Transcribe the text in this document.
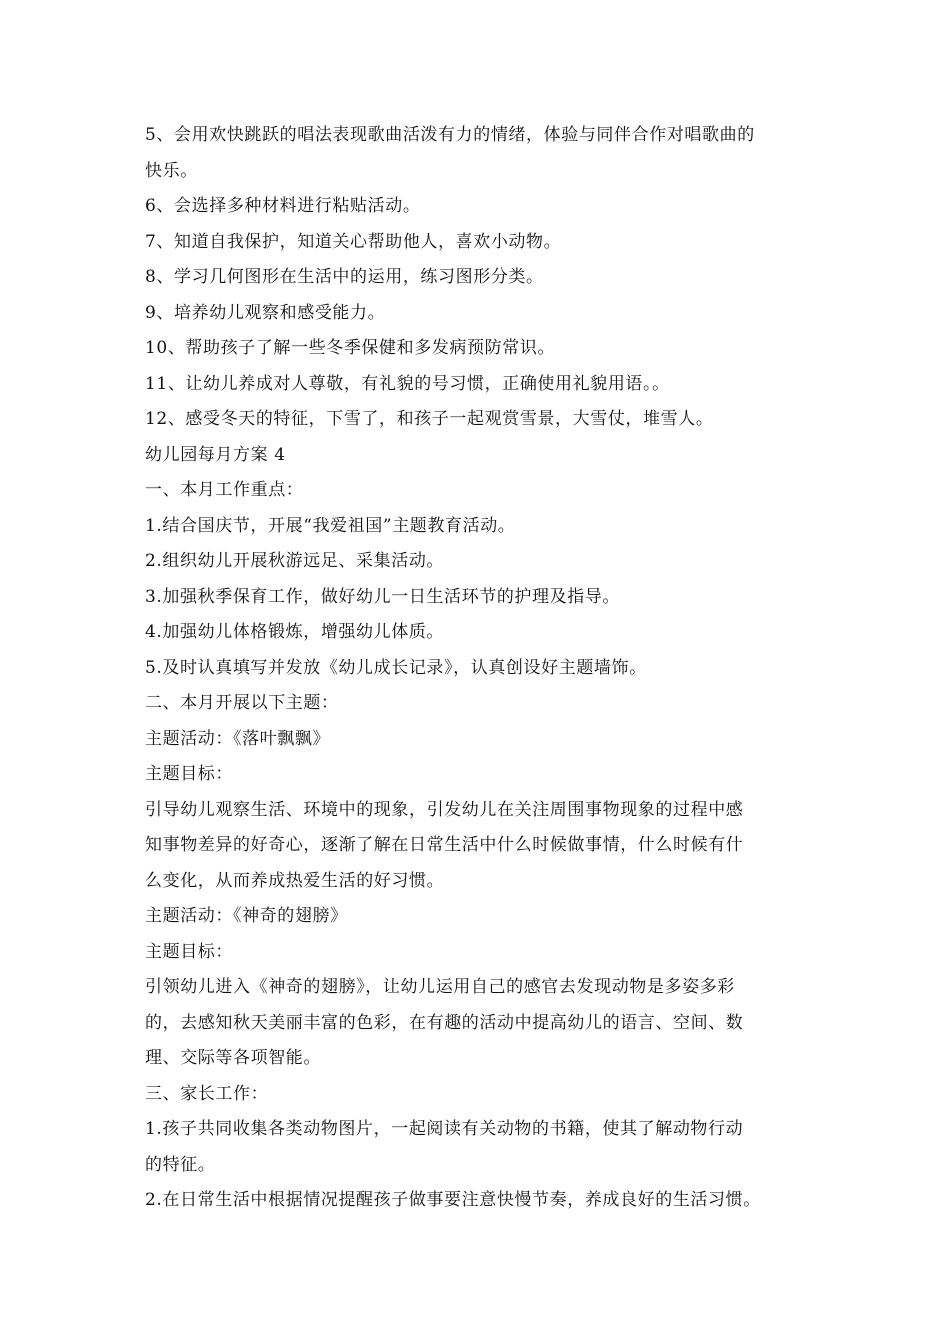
5、会用欢快跳跃的唱法表现歌曲活泼有力的情绪，体验与同伴合作对唱歌曲的
快乐。
6、会选择多种材料进行粘贴活动。
7、知道自我保护，知道关心帮助他人，喜欢小动物。
8、学习几何图形在生活中的运用，练习图形分类。
9、培养幼儿观察和感受能力。
10、帮助孩子了解一些冬季保健和多发病预防常识。
11、让幼儿养成对人尊敬，有礼貌的号习惯，正确使用礼貌用语。。
12、感受冬天的特征，下雪了，和孩子一起观赏雪景，大雪仗，堆雪人。
幼儿园每月方案 4
一、本月工作重点：
1.结合国庆节，开展“我爱祖国”主题教育活动。
2.组织幼儿开展秋游远足、采集活动。
3.加强秋季保育工作，做好幼儿一日生活环节的护理及指导。
4.加强幼儿体格锻炼，增强幼儿体质。
5.及时认真填写并发放《幼儿成长记录》，认真创设好主题墙饰。
二、本月开展以下主题：
主题活动：《落叶飘飘》
主题目标：
引导幼儿观察生活、环境中的现象，引发幼儿在关注周围事物现象的过程中感
知事物差异的好奇心，逐渐了解在日常生活中什么时候做事情，什么时候有什
么变化，从而养成热爱生活的好习惯。
主题活动：《神奇的翅膀》
主题目标：
引领幼儿进入《神奇的翅膀》，让幼儿运用自己的感官去发现动物是多姿多彩
的，去感知秋天美丽丰富的色彩，在有趣的活动中提高幼儿的语言、空间、数
理、交际等各项智能。
三、家长工作：
1.孩子共同收集各类动物图片，一起阅读有关动物的书籍，使其了解动物行动
的特征。
2.在日常生活中根据情况提醒孩子做事要注意快慢节奏，养成良好的生活习惯。
